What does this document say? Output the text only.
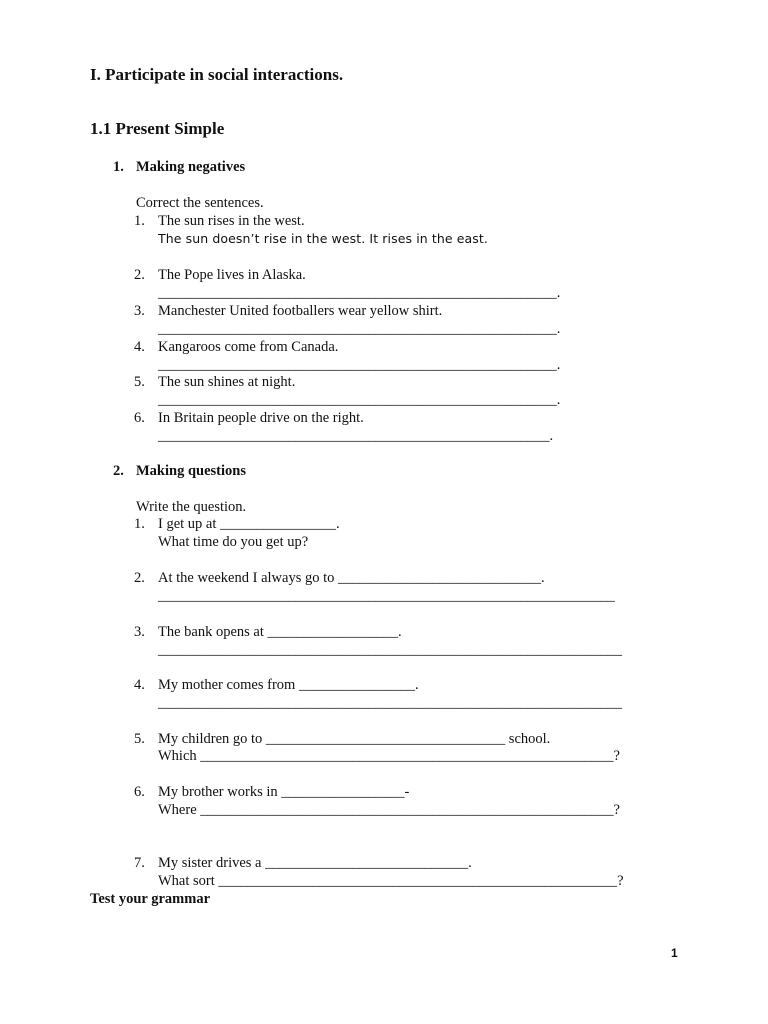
I. Participate in social interactions.
1.1 Present Simple
1. Making negatives
Correct the sentences.
1. The sun rises in the west.
The sun doesn’t rise in the west. It rises in the east.
2. The Pope lives in Alaska.
_______________________________________________________.
3. Manchester United footballers wear yellow shirt.
_______________________________________________________.
4. Kangaroos come from Canada.
_______________________________________________________.
5. The sun shines at night.
_______________________________________________________.
6. In Britain people drive on the right.
______________________________________________________.
2. Making questions
Write the question.
1. I get up at ________________.
What time do you get up?
2. At the weekend I always go to ____________________________.
_______________________________________________________________
3. The bank opens at __________________.
________________________________________________________________
4. My mother comes from ________________.
________________________________________________________________
5. My children go to _________________________________ school.
Which _________________________________________________________?
6. My brother works in _________________-
Where _________________________________________________________?
7. My sister drives a ____________________________.
What sort _______________________________________________________?
Test your grammar
1
